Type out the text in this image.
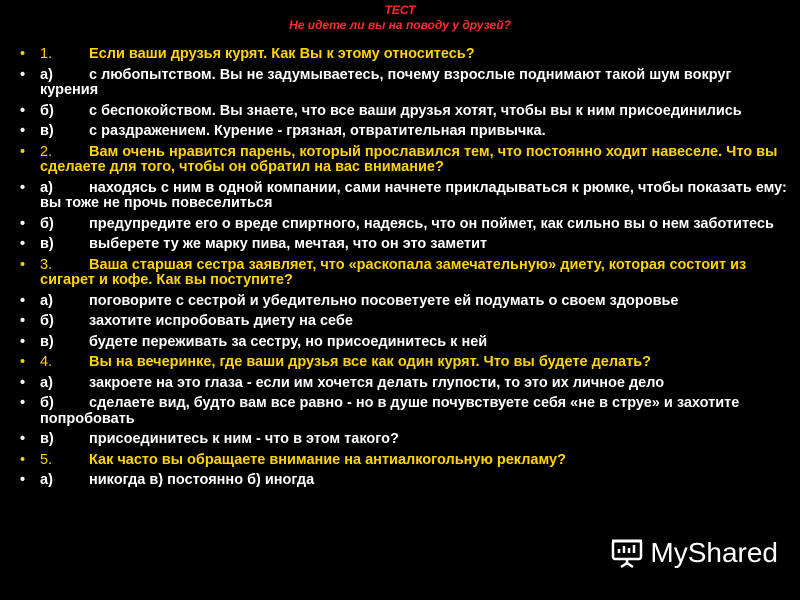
ТЕСТ
Не идете ли вы на поводу у друзей?
• 1.	Если ваши друзья курят. Как Вы к этому относитесь?
• а) с любопытством. Вы не задумываетесь, почему взрослые поднимают такой шум вокруг курения
• б) с беспокойством. Вы знаете, что все ваши друзья хотят, чтобы вы к ним присоединились
• в) с раздражением. Курение - грязная, отвратительная привычка.
• 2.	Вам очень нравится парень, который прославился тем, что постоянно ходит навеселе. Что вы сделаете для того, чтобы он обратил на вас внимание?
• а) находясь с ним в одной компании, сами начнете прикладываться к рюмке, чтобы показать ему: вы тоже не прочь повеселиться
• б) предупредите его о вреде спиртного, надеясь, что он поймет, как сильно вы о нем заботитесь
• в) выберете ту же марку пива, мечтая, что он это заметит
• 3.	Ваша старшая сестра заявляет, что «раскопала замечательную» диету, которая состоит из сигарет и кофе. Как вы поступите?
• а) поговорите с сестрой и убедительно посоветуете ей подумать о своем здоровье
• б) захотите испробовать диету на себе
• в) будете переживать за сестру, но присоединитесь к ней
• 4.	Вы на вечеринке, где ваши друзья все как один курят. Что вы будете делать?
• а) закроете на это глаза - если им хочется делать глупости, то это их личное дело
• б) сделаете вид, будто вам все равно - но в душе почувствуете себя «не в струе» и захотите попробовать
• в) присоединитесь к ним - что в этом такого?
• 5.	Как часто вы обращаете внимание на антиалкогольную рекламу?
• а) никогда в) постоянно б) иногда
MyShared
